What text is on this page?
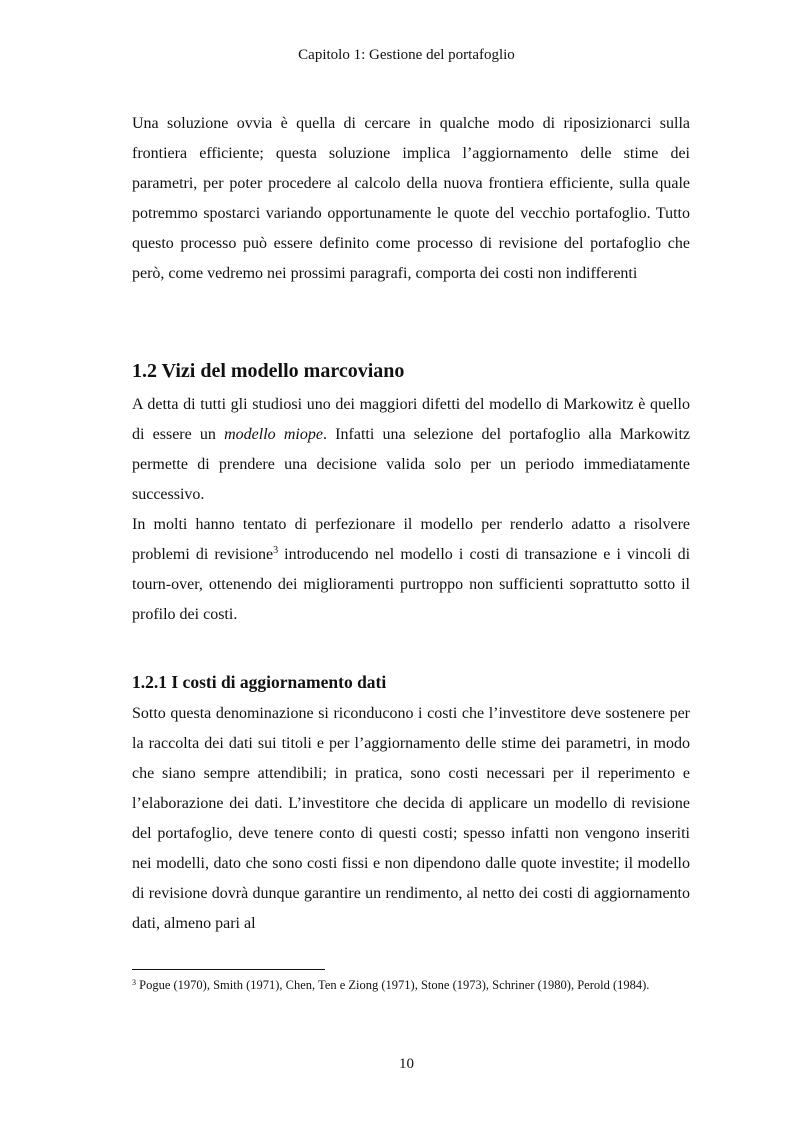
Capitolo 1: Gestione del portafoglio

Una soluzione ovvia è quella di cercare in qualche modo di riposizionarci sulla frontiera efficiente; questa soluzione implica l’aggiornamento delle stime dei parametri, per poter procedere al calcolo della nuova frontiera efficiente, sulla quale potremmo spostarci variando opportunamente le quote del vecchio portafoglio. Tutto questo processo può essere definito come processo di revisione del portafoglio che però, come vedremo nei prossimi paragrafi, comporta dei costi non indifferenti

1.2 Vizi del modello marcoviano

A detta di tutti gli studiosi uno dei maggiori difetti del modello di Markowitz è quello di essere un modello miope. Infatti una selezione del portafoglio alla Markowitz permette di prendere una decisione valida solo per un periodo immediatamente successivo.

In molti hanno tentato di perfezionare il modello per renderlo adatto a risolvere problemi di revisione$^3$ introducendo nel modello i costi di transazione e i vincoli di tourn-over, ottenendo dei miglioramenti purtroppo non sufficienti soprattutto sotto il profilo dei costi.

1.2.1 I costi di aggiornamento dati

Sotto questa denominazione si riconducono i costi che l’investitore deve sostenere per la raccolta dei dati sui titoli e per l’aggiornamento delle stime dei parametri, in modo che siano sempre attendibili; in pratica, sono costi necessari per il reperimento e l’elaborazione dei dati. L’investitore che decida di applicare un modello di revisione del portafoglio, deve tenere conto di questi costi; spesso infatti non vengono inseriti nei modelli, dato che sono costi fissi e non dipendono dalle quote investite; il modello di revisione dovrà dunque garantire un rendimento, al netto dei costi di aggiornamento dati, almeno pari al

$^3$ Pogue (1970), Smith (1971), Chen, Ten e Ziong (1971), Stone (1973), Schriner (1980), Perold (1984).

10
